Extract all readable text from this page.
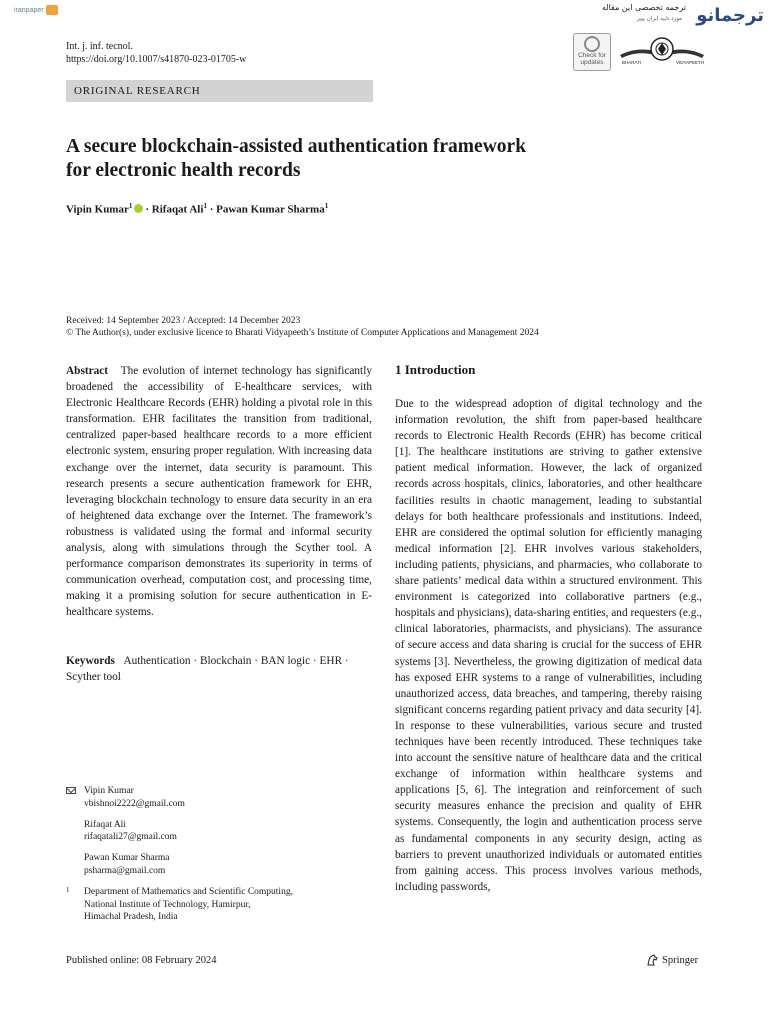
iranpaper	ترجمه تخصصی این مقاله
مورد تایید ایران پیپر ترجمانو
Int. j. inf. tecnol.
https://doi.org/10.1007/s41870-023-01705-w	Check for
updates	BHARATI	VIDYAPEETH
ORIGINAL RESEARCH
A secure blockchain-assisted authentication framework
for electronic health records
Vipin Kumar$^1$ · Rifaqat Ali$^1$ · Pawan Kumar Sharma$^1$
Received: 14 September 2023 / Accepted: 14 December 2023
© The Author(s), under exclusive licence to Bharati Vidyapeeth’s Institute of Computer Applications and Management 2024

Abstract The evolution of internet technology has significantly broadened the accessibility of E-healthcare services, with Electronic Healthcare Records (EHR) holding a pivotal role in this transformation. EHR facilitates the transition from traditional, centralized paper-based healthcare records to a more efficient electronic system, ensuring proper regulation. With increasing data exchange over the internet, data security is paramount. This research presents a secure authentication framework for EHR, leveraging blockchain technology to ensure data security in an era of heightened data exchange over the Internet. The framework’s robustness is validated using the formal and informal security analysis, along with simulations through the Scyther tool. A performance comparison demonstrates its superiority in terms of communication overhead, computation cost, and processing time, making it a promising solution for secure authentication in E-healthcare systems.

Keywords Authentication · Blockchain · BAN logic · EHR · Scyther tool

1 Introduction

Due to the widespread adoption of digital technology and the information revolution, the shift from paper-based healthcare records to Electronic Health Records (EHR) has become critical [1]. The healthcare institutions are striving to gather extensive patient medical information. However, the lack of organized records across hospitals, clinics, laboratories, and other healthcare facilities results in chaotic management, leading to substantial delays for both healthcare professionals and institutions. Indeed, EHR are considered the optimal solution for efficiently managing medical information [2]. EHR involves various stakeholders, including patients, physicians, and pharmacies, who collaborate to share patients’ medical data within a structured environment. This environment is categorized into collaborative partners (e.g., hospitals and physicians), data-sharing entities, and requesters (e.g., clinical laboratories, pharmacists, and physicians). The assurance of secure access and data sharing is crucial for the success of EHR systems [3]. Nevertheless, the growing digitization of medical data has exposed EHR systems to a range of vulnerabilities, including unauthorized access, data breaches, and tampering, thereby raising significant concerns regarding patient privacy and data security [4]. In response to these vulnerabilities, various secure and trusted techniques have been recently introduced. These techniques take into account the sensitive nature of healthcare data and the critical exchange of information within healthcare systems and applications [5, 6]. The integration and reinforcement of such security measures enhance the precision and quality of EHR systems. Consequently, the login and authentication process serve as fundamental components in any security design, acting as barriers to prevent unauthorized individuals or automated entities from gaining access. This process involves various methods, including passwords,

Vipin Kumar
vbishnoi2222@gmail.com
Rifaqat Ali
rifaqatali27@gmail.com
Pawan Kumar Sharma
psharma@gmail.com
1 Department of Mathematics and Scientific Computing,
National Institute of Technology, Hamirpur,
Himachal Pradesh, India
Published online: 08 February 2024	Springer
